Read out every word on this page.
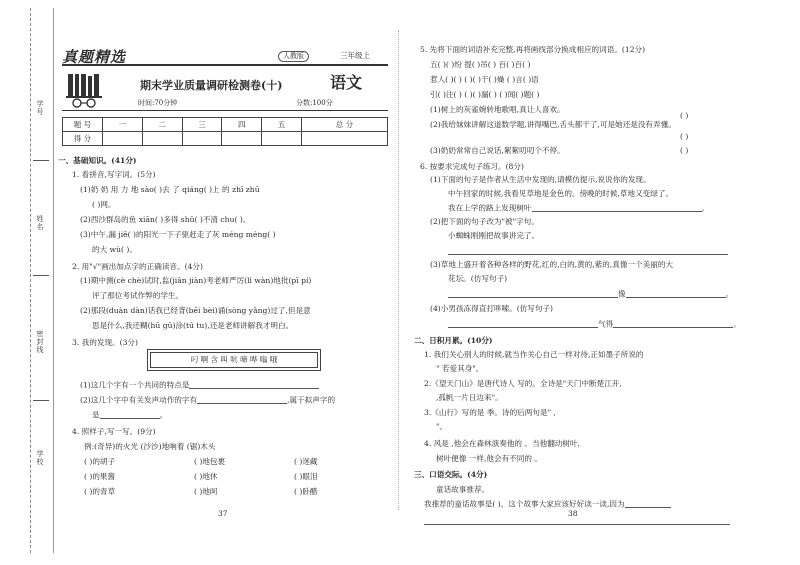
学号
姓名
密封线
学校
真题精选	人教版	三年级上
期末学业质量调研检测卷(十)	语文
时间:70分钟	分数:100分
题 号	一	二	三	四	五	总 分
得 分						
一、基础知识。(41分)
1. 看拼音,写字词。(5分)
(1)奶 奶 用 力 地 sào( )去 了 qiáng( )上 的 zhī zhū
( )网。
(2)西沙群岛的鱼 xiān( )多得 shǔ( )不清 chu( )。
(3)中午,漏 jiě( )的阳光一下子驱赶走了灰 méng méng( )
的大 wù( )。
2. 用"√"画出加点字的正确读音。(4分)
(1)期中测(cè chè)试时,监(jiān jiàn)考老师严厉(lì wàn)地批(pī pí)
评了那位考试作弊的学生。
(2)那段(duàn dàn)话我已经背(bēi bèi)诵(sòng yǎng)过了,但是意
思是什么,我还糊(hū gǔ)涂(tú tu),还是老师讲解我才明白。
3. 我的发现。(3分)
叼 啊 含 叫 吭 啼 哗 嗡 哦
(1)这几个字有一个共同的特点是
(2)这几个字中有关发声动作的字有	,属于拟声字的
是	。
4. 照样子,写一写。(9分)
例:(奇异)的火光 (沙沙)地响着 (锯)木头
( )的胡子	( )地包裹	( )迷藏
( )的果酱	( )地休	( )眼泪
( )的青草	( )地呵	( )卧醋
37
5. 先将下面的词语补充完整,再将画线部分换成相应的词语。(12分)
五( )( )纷 提( )吊( ) 百( )百( )
惹人( )( ) ( )( )干( )燥 ( )言( )语
引( )注( ) ( )( )漏( ) ( )闻( )题( )
(1)树上的灰雀婉转地歌唱,真让人喜欢。
( )
(2)我给妹妹讲解这道数学题,讲得嘴巴,舌头都干了,可是她还是没有弄懂。
( )
(3)奶奶常常自己说话,絮絮叨叨个不停。	( )
6. 按要求完成句子练习。(8分)
(1)下面的句子是作者从生活中发现的,请模仿提示,说说你的发现。
中午回家的时候,我看见草地是金色的。傍晚的时候,草地又变绿了。
我在上学的路上发现树叶	。
(2)把下面的句子改为"被"字句。
小蜘蛛刚刚把故事讲完了。
(3)草地上盛开着各种各样的野花,红的,白的,黄的,紫的,真像一个美丽的大
花坛。(仿写句子)
像	。
(4)小男孩冻得直打哆嗦。(仿写句子)
气得	。
二、日积月累。(10分)
1. 我们关心别人的时候,就当作关心自己一样对待,正如墨子所说的
" 若爱其身"。
2.《望天门山》是唐代诗人 写的。全诗是"天门中断楚江开,
,孤帆一片日边来"。
3.《山行》写的是 季。诗的后两句是" ,
"。
4. 风是 ,他会在森林演奏他的 。当他翻动树叶,
树叶便像 一样,他会有不同的 。
三、口语交际。(4分)
童话故事推荐。
我推荐的童话故事是( )。这个故事大家应该好好读一读,因为
38
